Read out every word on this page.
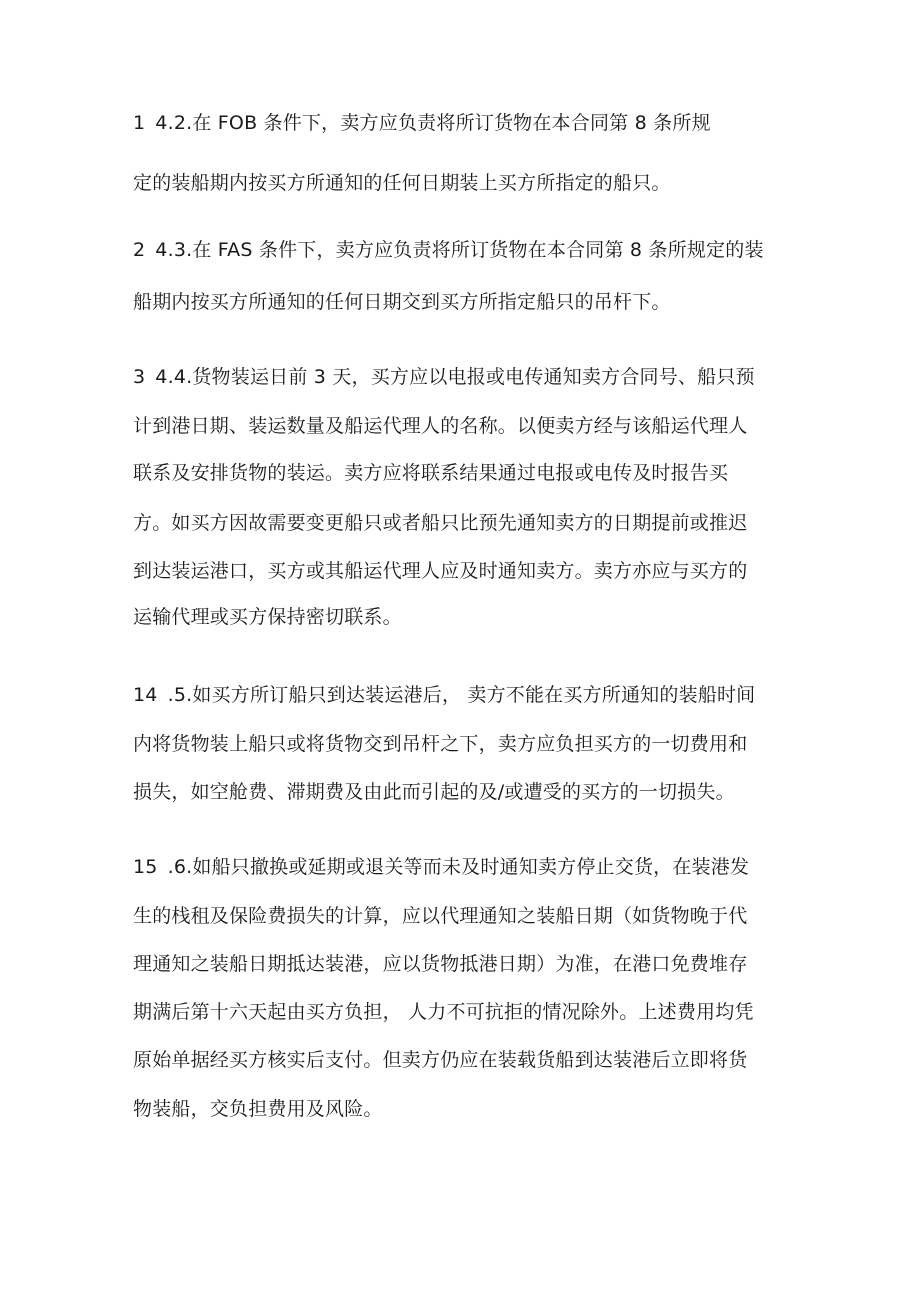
1 4.2.在 FOB 条件下，卖方应负责将所订货物在本合同第 8 条所规
定的装船期内按买方所通知的任何日期装上买方所指定的船只。
2 4.3.在 FAS 条件下，卖方应负责将所订货物在本合同第 8 条所规定的装
船期内按买方所通知的任何日期交到买方所指定船只的吊杆下。
3 4.4.货物装运日前 3 天，买方应以电报或电传通知卖方合同号、船只预
计到港日期、装运数量及船运代理人的名称。以便卖方经与该船运代理人
联系及安排货物的装运。卖方应将联系结果通过电报或电传及时报告买
方。如买方因故需要变更船只或者船只比预先通知卖方的日期提前或推迟
到达装运港口，买方或其船运代理人应及时通知卖方。卖方亦应与买方的
运输代理或买方保持密切联系。
14 .5.如买方所订船只到达装运港后， 卖方不能在买方所通知的装船时间
内将货物装上船只或将货物交到吊杆之下，卖方应负担买方的一切费用和
损失，如空舱费、滞期费及由此而引起的及/或遭受的买方的一切损失。
15 .6.如船只撤换或延期或退关等而未及时通知卖方停止交货，在装港发
生的栈租及保险费损失的计算，应以代理通知之装船日期（如货物晚于代
理通知之装船日期抵达装港，应以货物抵港日期）为准，在港口免费堆存
期满后第十六天起由买方负担， 人力不可抗拒的情况除外。上述费用均凭
原始单据经买方核实后支付。但卖方仍应在装载货船到达装港后立即将货
物装船，交负担费用及风险。
